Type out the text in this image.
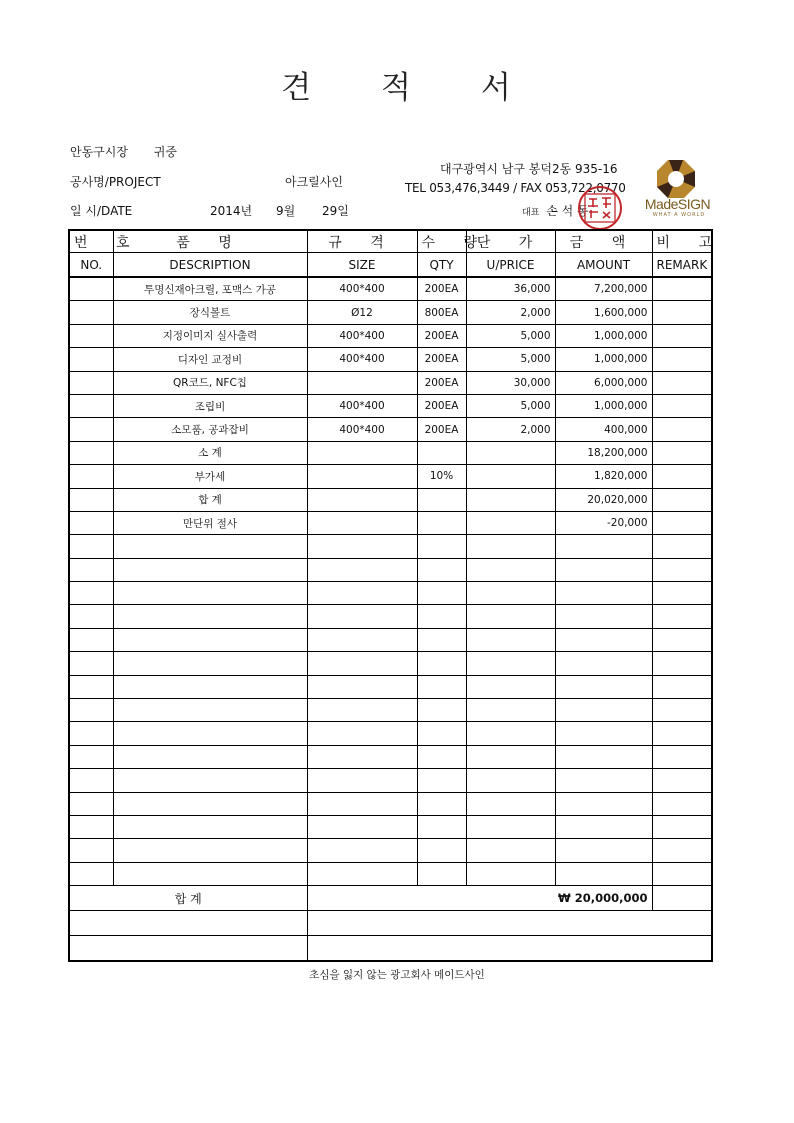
견 적 서
안동구시장 귀중
공사명/PROJECT	아크릴사인
일 시/DATE	2014년 9월 29일
대구광역시 남구 봉덕2동 935-16
TEL 053,476,3449 / FAX 053,722,0770
대표 손 석 동	MadeSIGN
WHAT A WORLD
번 호	품 명	규 격	수 량	단 가	금 액	비 고
NO.	DESCRIPTION	SIZE	QTY	U/PRICE	AMOUNT	REMARK
	투명신재아크릴, 포맥스 가공	400*400	200EA	36,000	7,200,000	
	장식볼트	Ø12	800EA	2,000	1,600,000	
	지정이미지 실사출력	400*400	200EA	5,000	1,000,000	
	디자인 교정비	400*400	200EA	5,000	1,000,000	
	QR코드, NFC칩		200EA	30,000	6,000,000	
	조립비	400*400	200EA	5,000	1,000,000	
	소모품, 공과잡비	400*400	200EA	2,000	400,000	
	소 계				18,200,000	
	부가세		10%		1,820,000	
	합 계				20,020,000	
	만단위 절사				-20,000	

합 계		₩ 20,000,000				

초심을 잃지 않는 광고회사 메이드사인
